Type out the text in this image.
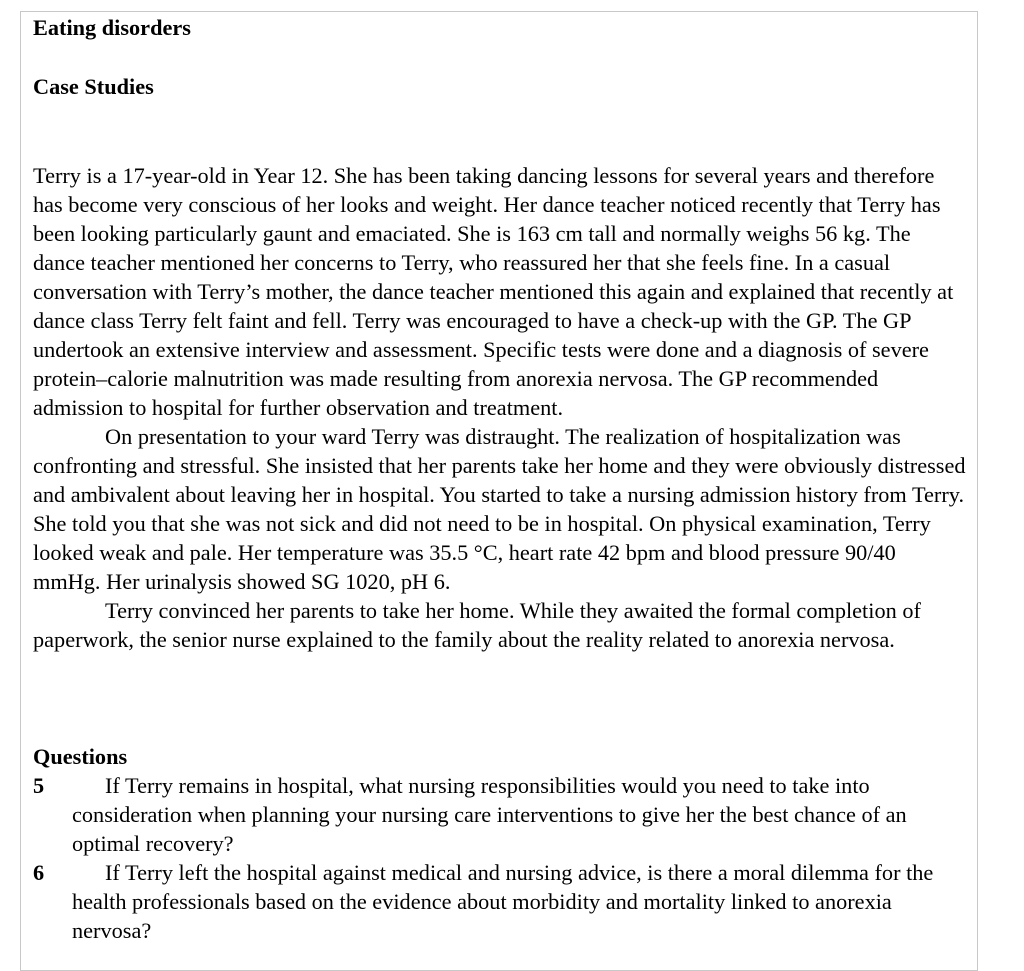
Eating disorders

Case Studies

Terry is a 17-year-old in Year 12. She has been taking dancing lessons for several years and therefore has become very conscious of her looks and weight. Her dance teacher noticed recently that Terry has been looking particularly gaunt and emaciated. She is 163 cm tall and normally weighs 56 kg. The dance teacher mentioned her concerns to Terry, who reassured her that she feels fine. In a casual conversation with Terry’s mother, the dance teacher mentioned this again and explained that recently at dance class Terry felt faint and fell. Terry was encouraged to have a check-up with the GP. The GP undertook an extensive interview and assessment. Specific tests were done and a diagnosis of severe protein–calorie malnutrition was made resulting from anorexia nervosa. The GP recommended admission to hospital for further observation and treatment.

On presentation to your ward Terry was distraught. The realization of hospitalization was confronting and stressful. She insisted that her parents take her home and they were obviously distressed and ambivalent about leaving her in hospital. You started to take a nursing admission history from Terry. She told you that she was not sick and did not need to be in hospital. On physical examination, Terry looked weak and pale. Her temperature was 35.5 °C, heart rate 42 bpm and blood pressure 90/40 mmHg. Her urinalysis showed SG 1020, pH 6.

Terry convinced her parents to take her home. While they awaited the formal completion of paperwork, the senior nurse explained to the family about the reality related to anorexia nervosa.

Questions

5	If Terry remains in hospital, what nursing responsibilities would you need to take into consideration when planning your nursing care interventions to give her the best chance of an optimal recovery?
6	If Terry left the hospital against medical and nursing advice, is there a moral dilemma for the health professionals based on the evidence about morbidity and mortality linked to anorexia nervosa?
